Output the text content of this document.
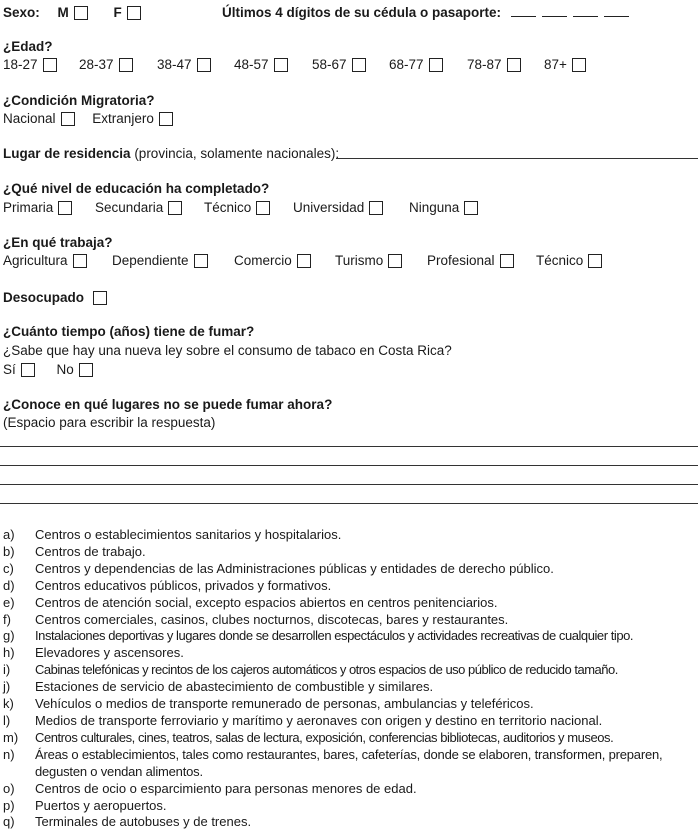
Sexo: M	F	Últimos 4 dígitos de su cédula o pasaporte:
¿Edad?
18-27	28-37	38-47	48-57	58-67	68-77	78-87	87+
¿Condición Migratoria?
Nacional	Extranjero
Lugar de residencia (provincia, solamente nacionales):
¿Qué nivel de educación ha completado?
Primaria	Secundaria	Técnico	Universidad	Ninguna
¿En qué trabaja?
Agricultura	Dependiente	Comercio	Turismo	Profesional	Técnico
Desocupado
¿Cuánto tiempo (años) tiene de fumar?
¿Sabe que hay una nueva ley sobre el consumo de tabaco en Costa Rica?
Sí	No
¿Conoce en qué lugares no se puede fumar ahora?
(Espacio para escribir la respuesta)
a)	Centros o establecimientos sanitarios y hospitalarios.
b)	Centros de trabajo.
c)	Centros y dependencias de las Administraciones públicas y entidades de derecho público.
d)	Centros educativos públicos, privados y formativos.
e)	Centros de atención social, excepto espacios abiertos en centros penitenciarios.
f)	Centros comerciales, casinos, clubes nocturnos, discotecas, bares y restaurantes.
g)	Instalaciones deportivas y lugares donde se desarrollen espectáculos y actividades recreativas de cualquier tipo.
h)	Elevadores y ascensores.
i)	Cabinas telefónicas y recintos de los cajeros automáticos y otros espacios de uso público de reducido tamaño.
j)	Estaciones de servicio de abastecimiento de combustible y similares.
k)	Vehículos o medios de transporte remunerado de personas, ambulancias y teleféricos.
l)	Medios de transporte ferroviario y marítimo y aeronaves con origen y destino en territorio nacional.
m)	Centros culturales, cines, teatros, salas de lectura, exposición, conferencias bibliotecas, auditorios y museos.
n)	Áreas o establecimientos, tales como restaurantes, bares, cafeterías, donde se elaboren, transformen, preparen, degusten o vendan alimentos.
o)	Centros de ocio o esparcimiento para personas menores de edad.
p)	Puertos y aeropuertos.
q)	Terminales de autobuses y de trenes.
